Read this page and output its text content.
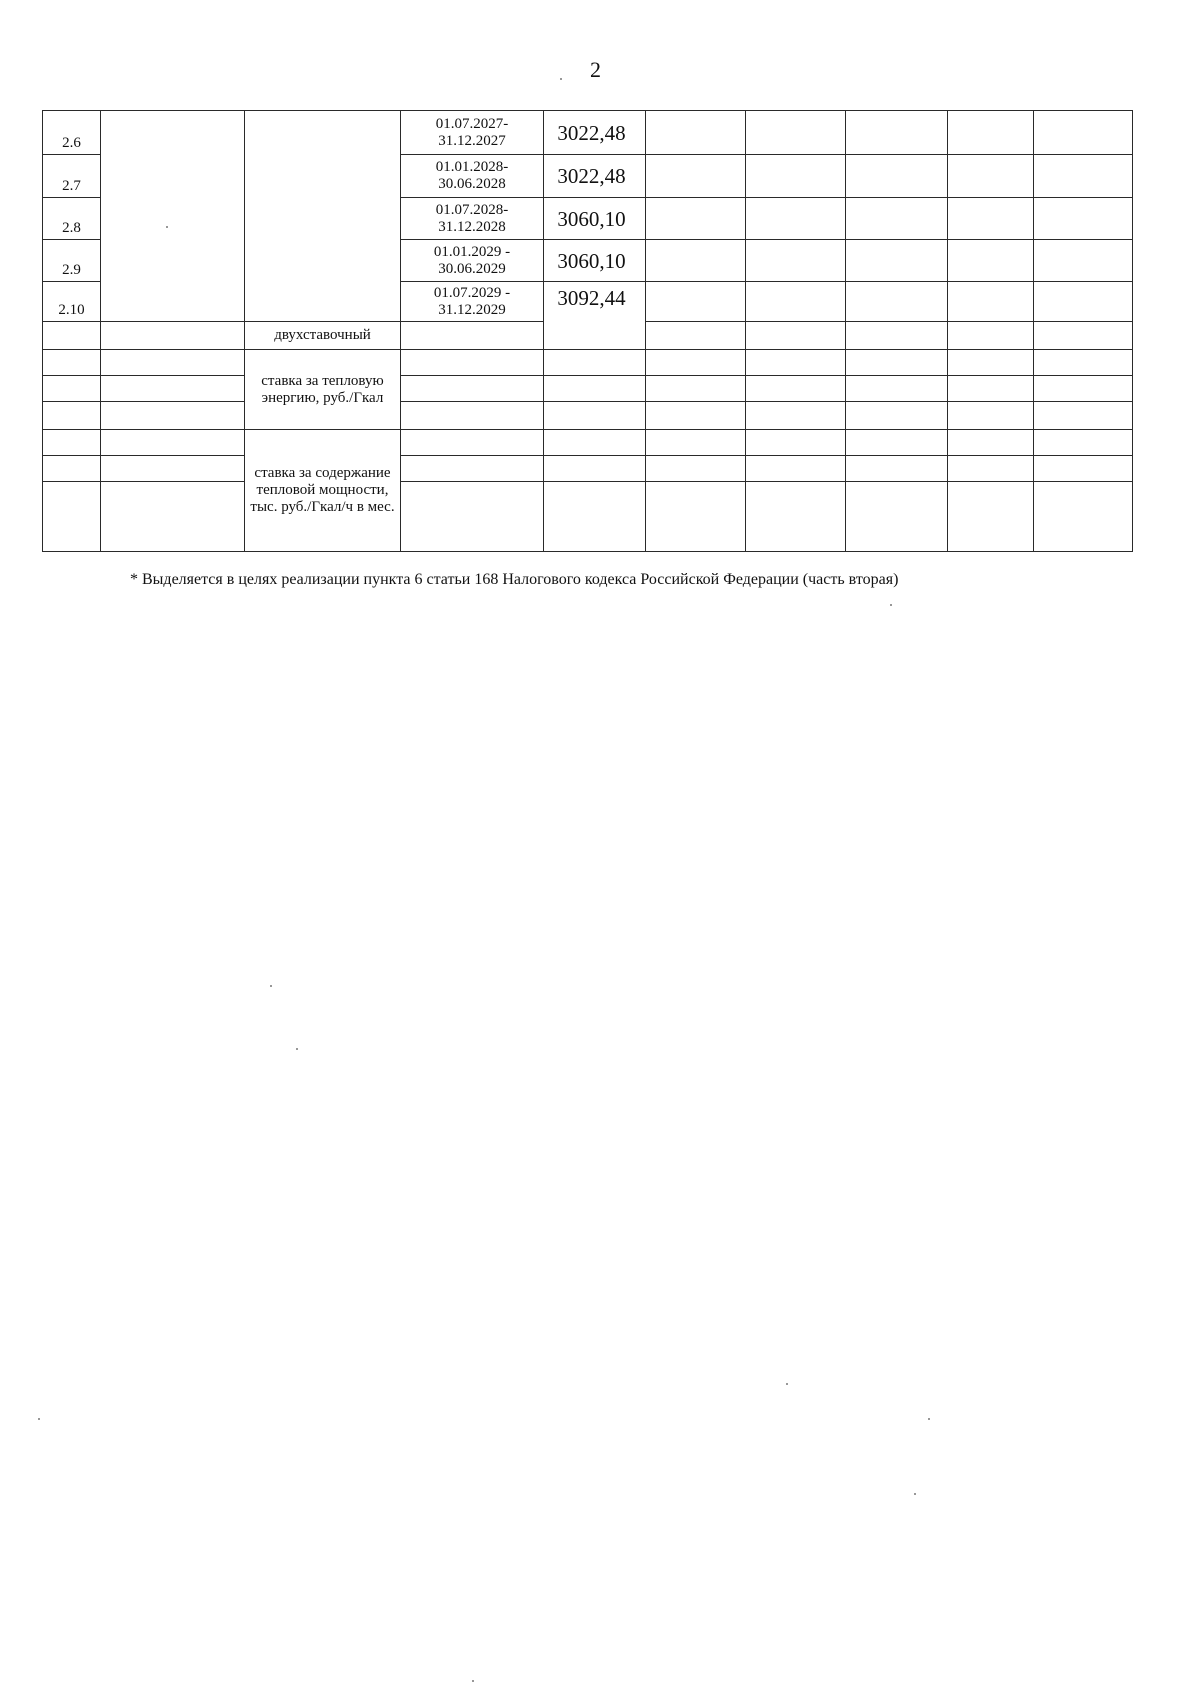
2
2.6			01.07.2027-
31.12.2027	3022,48					
2.7			01.01.2028-
30.06.2028	3022,48					
2.8			01.07.2028-
31.12.2028	3060,10					
2.9			01.01.2029 -
30.06.2029	3060,10					
2.10			01.07.2029 -
31.12.2029	3092,44					
		двухставочный							
		ставка за тепловую энергию, руб./Гкал							

		ставка за содержание тепловой мощности, тыс. руб./Гкал/ч в мес.							

* Выделяется в целях реализации пункта 6 статьи 168 Налогового кодекса Российской Федерации (часть вторая)
